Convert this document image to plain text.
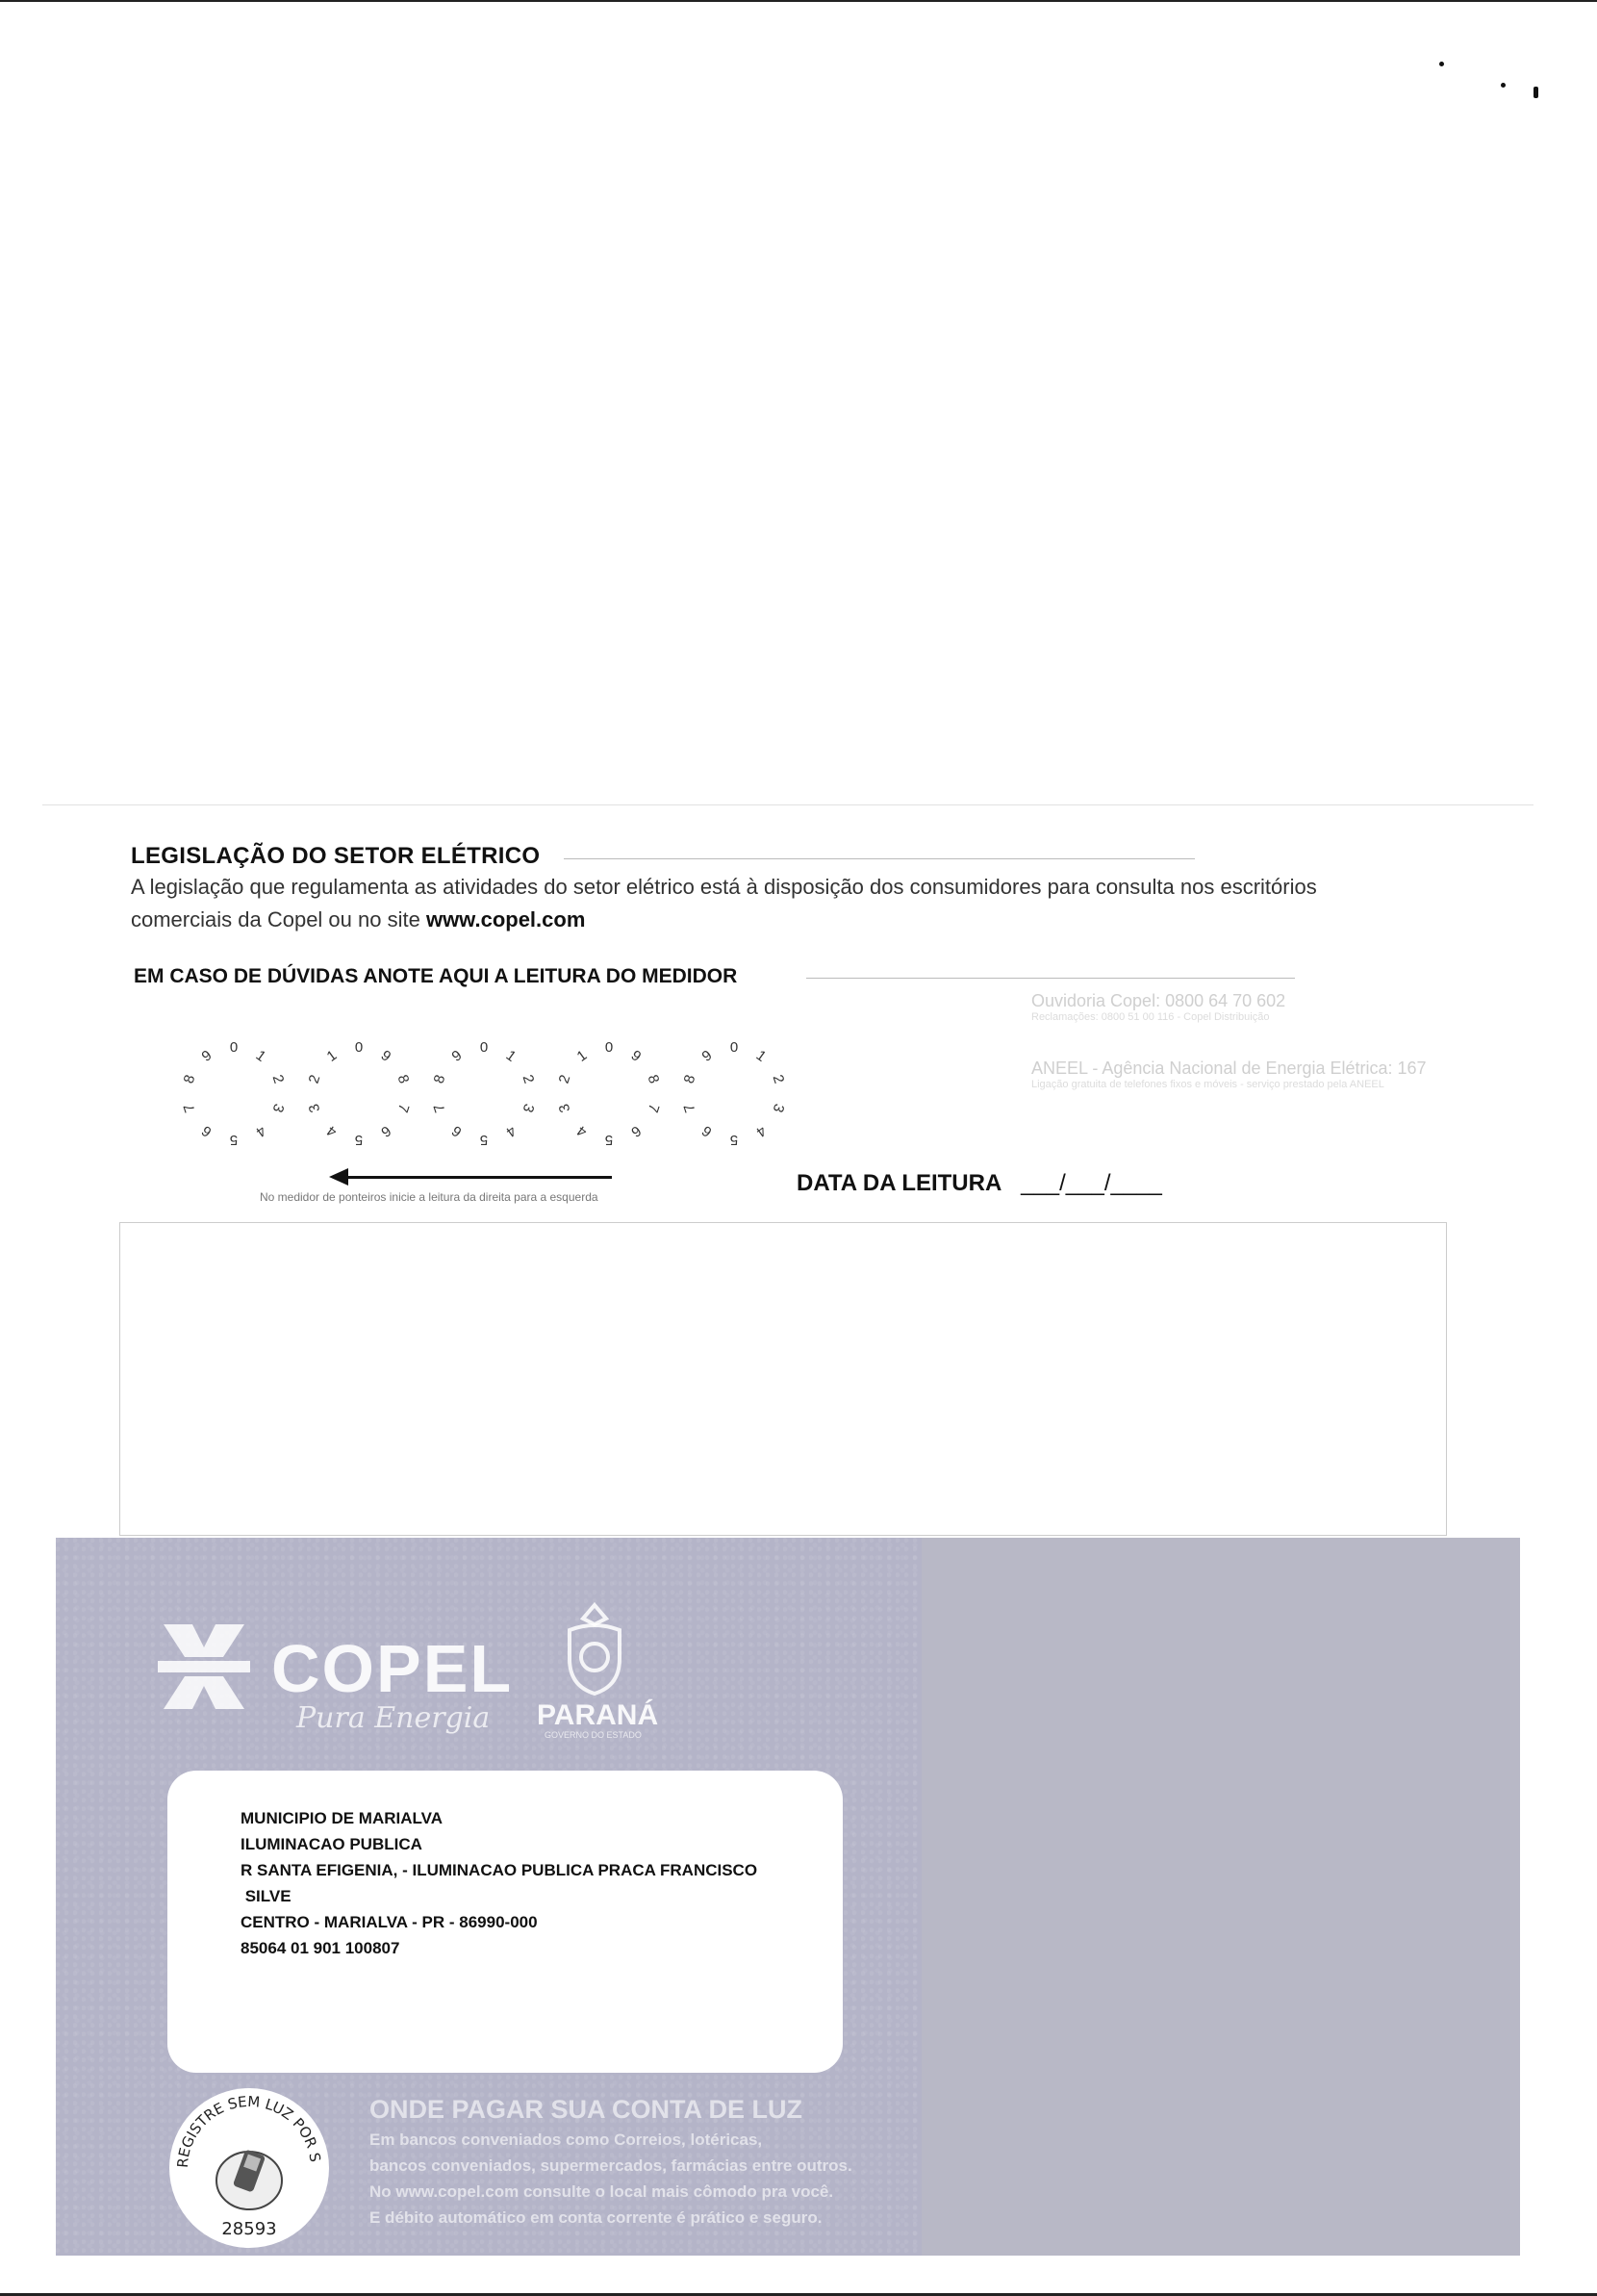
LEGISLAÇÃO DO SETOR ELÉTRICO
A legislação que regulamenta as atividades do setor elétrico está à disposição dos consumidores para consulta nos escritórios comerciais da Copel ou no site www.copel.com
EM CASO DE DÚVIDAS ANOTE AQUI A LEITURA DO MEDIDOR
0	1
2
3
4
5
6
7
8
9	0
1
2
3
4	5	6
7
8
9	0	1
2
3
4
5
6
7
8
9	0
1
2
3
4	5	6
7
8
9	0	1
2
3
4
5
6
7
8
9
No medidor de ponteiros inicie a leitura da direita para a esquerda
DATA DA LEITURA ___/___/____
Ouvidoria Copel: 0800 64 70 602
Reclamações: 0800 51 00 116 - Copel Distribuição
ANEEL - Agência Nacional de Energia Elétrica: 167
Ligação gratuita de telefones fixos e móveis - serviço prestado pela ANEEL
COPEL
Pura Energia PARANÁ
GOVERNO DO ESTADO
MUNICIPIO DE MARIALVA
ILUMINACAO PUBLICA
R SANTA EFIGENIA, - ILUMINACAO PUBLICA PRACA FRANCISCO
SILVE
CENTRO - MARIALVA - PR - 86990-000
85064 01 901 100807
REGISTRE SEM LUZ POR S
28593
ONDE PAGAR SUA CONTA DE LUZ
Em bancos conveniados como Correios, lotéricas,
bancos conveniados, supermercados, farmácias entre outros.
No www.copel.com consulte o local mais cômodo pra você.
E débito automático em conta corrente é prático e seguro.
